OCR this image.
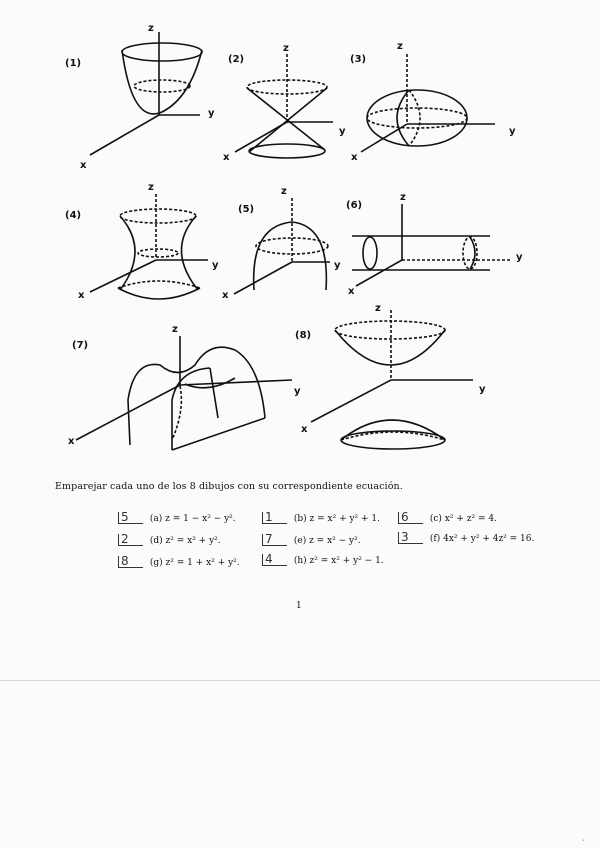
(1)
z
y
x
(2)
z
y
x
(3)
z
y
x
(4)
z
y
x
(5)
z
y
x
(6)
z
y
x
(7)
z
y
x
(8)
z
y
x
Emparejar cada uno de los 8 dibujos con su correspondiente ecuación.
5 (a) z = 1 − x² − y². 1 (b) z = x² + y² + 1. 6 (c) x² + z² = 4.
2 (d) z² = x² + y².	7 (e) z = x² − y².	3 (f) 4x² + y² + 4z² = 16.
8 (g) z² = 1 + x² + y². 4 (h) z² = x² + y² − 1.
1
´
